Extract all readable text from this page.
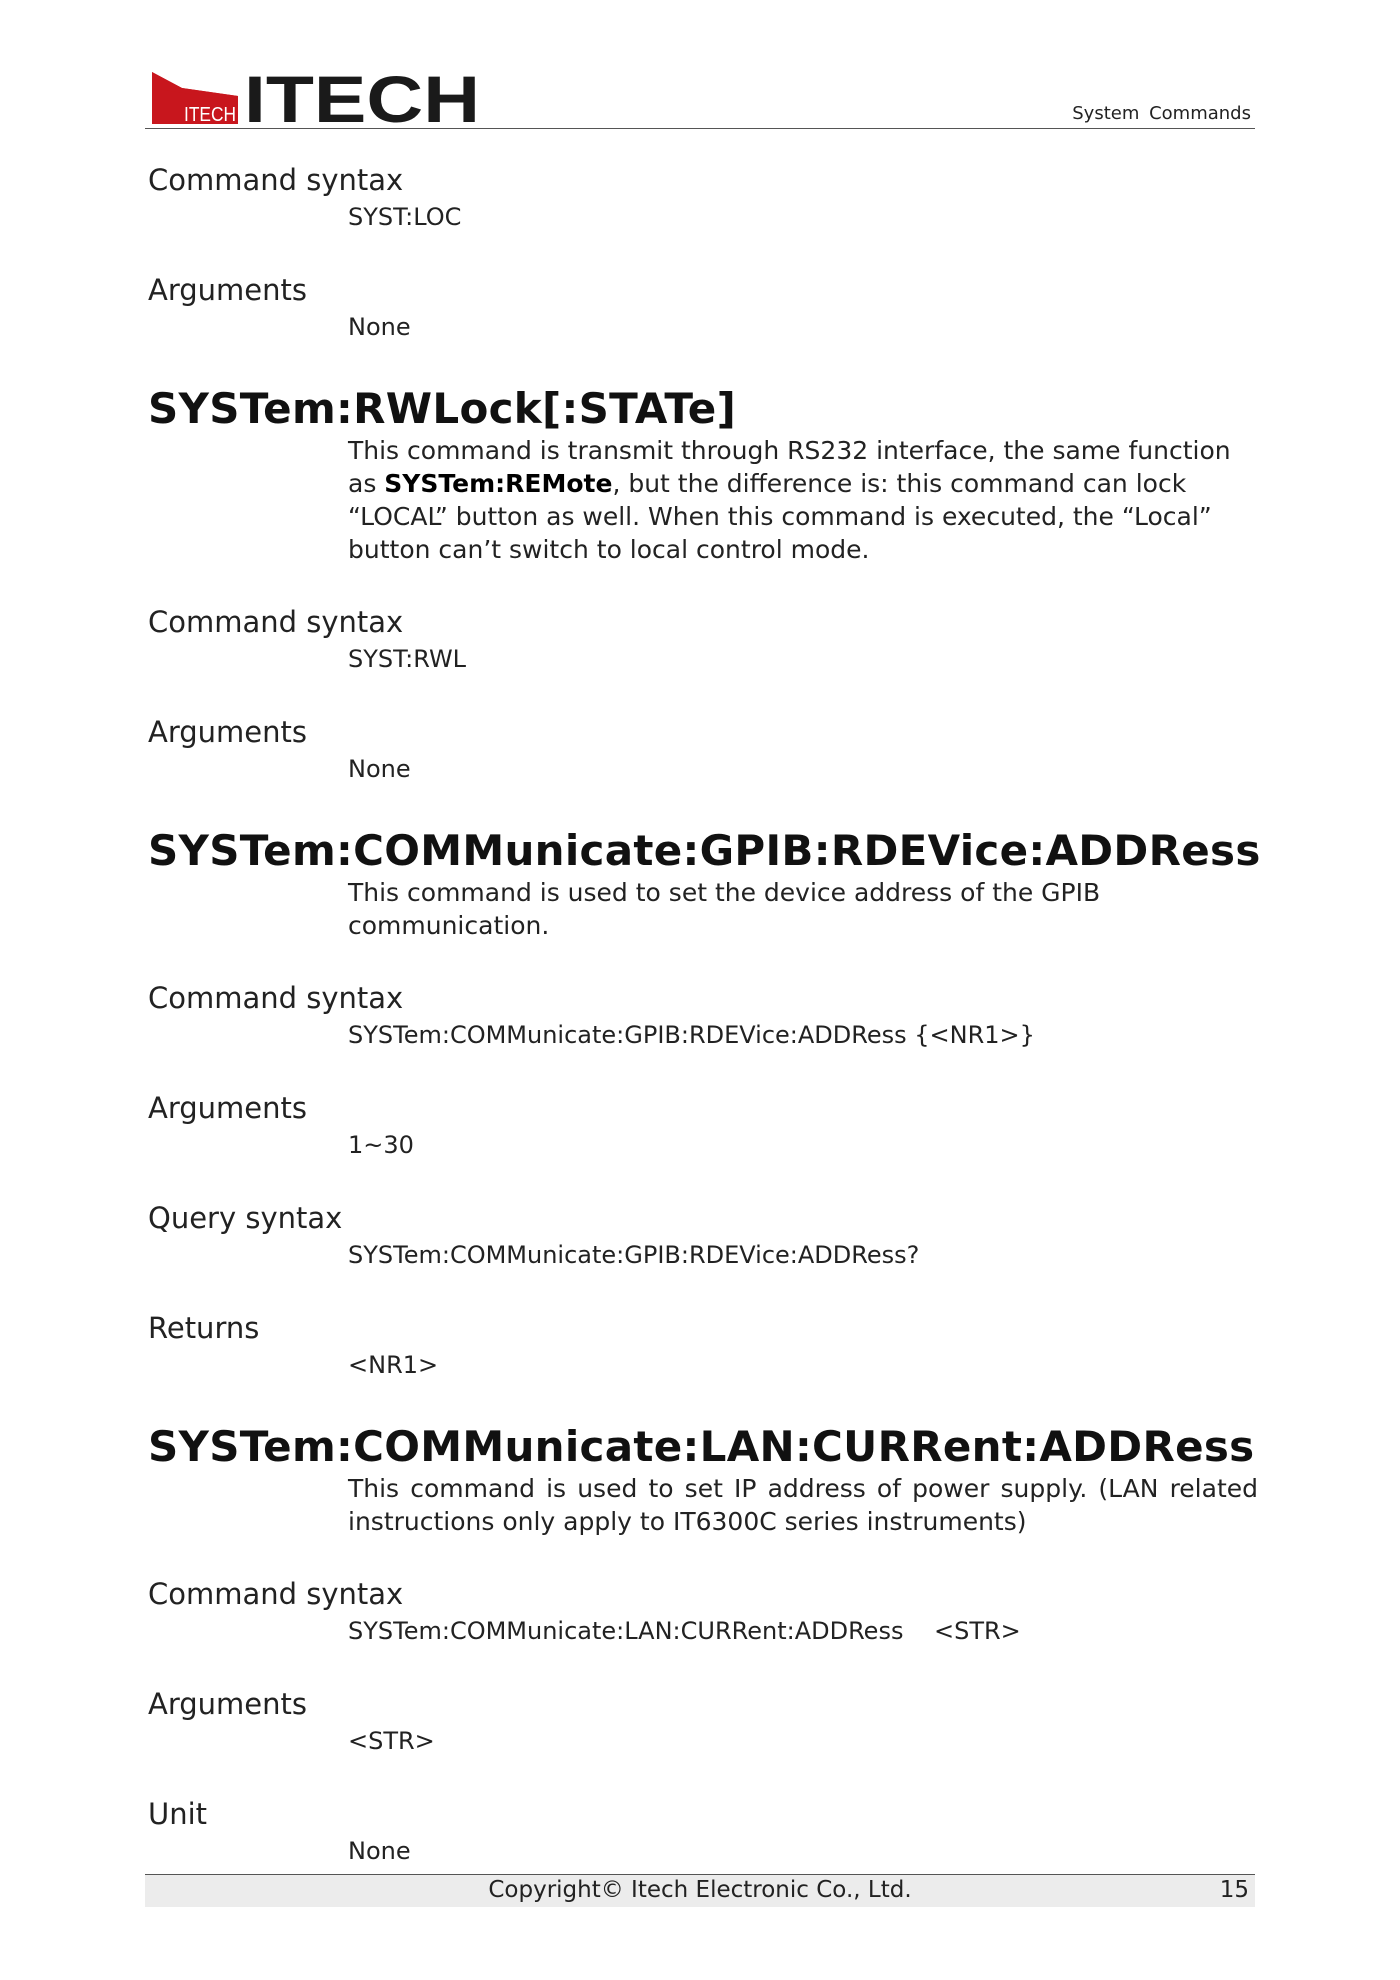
ITECH ITECH	System Commands

Command syntax

SYST:LOC

Arguments

None

SYSTem:RWLock[:STATe]

This command is transmit through RS232 interface, the same function as SYSTem:REMote, but the difference is: this command can lock “LOCAL” button as well. When this command is executed, the “Local” button can’t switch to local control mode.

Command syntax

SYST:RWL

Arguments

None

SYSTem:COMMunicate:GPIB:RDEVice:ADDRess

This command is used to set the device address of the GPIB communication.

Command syntax

SYSTem:COMMunicate:GPIB:RDEVice:ADDRess {<NR1>}

Arguments

1~30

Query syntax

SYSTem:COMMunicate:GPIB:RDEVice:ADDRess?

Returns

<NR1>

SYSTem:COMMunicate:LAN:CURRent:ADDRess

This command is used to set IP address of power supply. (LAN related instructions only apply to IT6300C series instruments)

Command syntax

SYSTem:COMMunicate:LAN:CURRent:ADDRess    <STR>

Arguments

<STR>

Unit

None

Copyright© Itech Electronic Co., Ltd.	15
